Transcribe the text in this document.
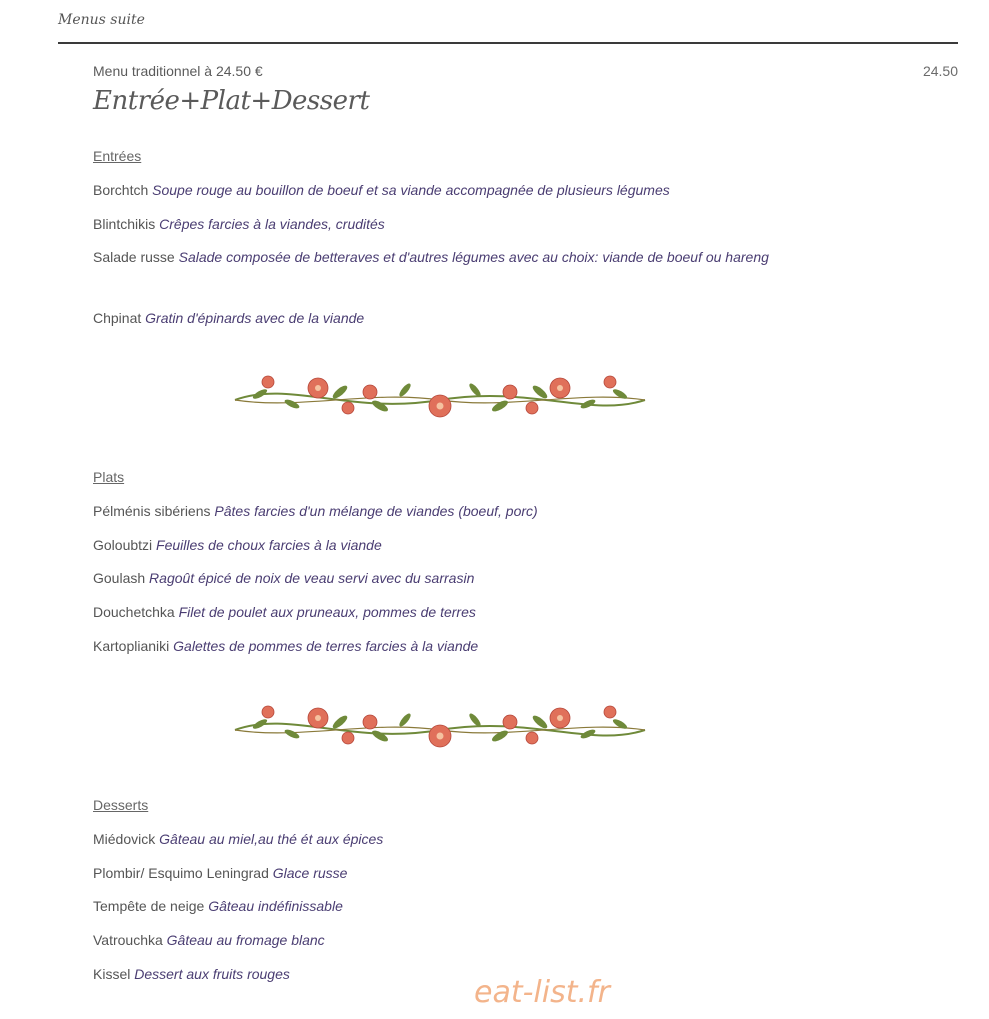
Menus suite
Menu traditionnel à 24.50 €	24.50
Entrée+Plat+Dessert
Entrées
Borchtch Soupe rouge au bouillon de boeuf et sa viande accompagnée de plusieurs légumes
Blintchikis Crêpes farcies à la viandes, crudités
Salade russe Salade composée de betteraves et d'autres légumes avec au choix: viande de boeuf ou hareng
Chpinat Gratin d'épinards avec de la viande
Plats
Pélménis sibériens Pâtes farcies d'un mélange de viandes (boeuf, porc)
Goloubtzi Feuilles de choux farcies à la viande
Goulash Ragoût épicé de noix de veau servi avec du sarrasin
Douchetchka Filet de poulet aux pruneaux, pommes de terres
Kartoplianiki Galettes de pommes de terres farcies à la viande
Desserts
Miédovick Gâteau au miel,au thé ét aux épices
Plombir/ Esquimo Leningrad Glace russe
Tempête de neige Gâteau indéfinissable
Vatrouchka Gâteau au fromage blanc
Kissel Dessert aux fruits rouges
eat-list.fr
